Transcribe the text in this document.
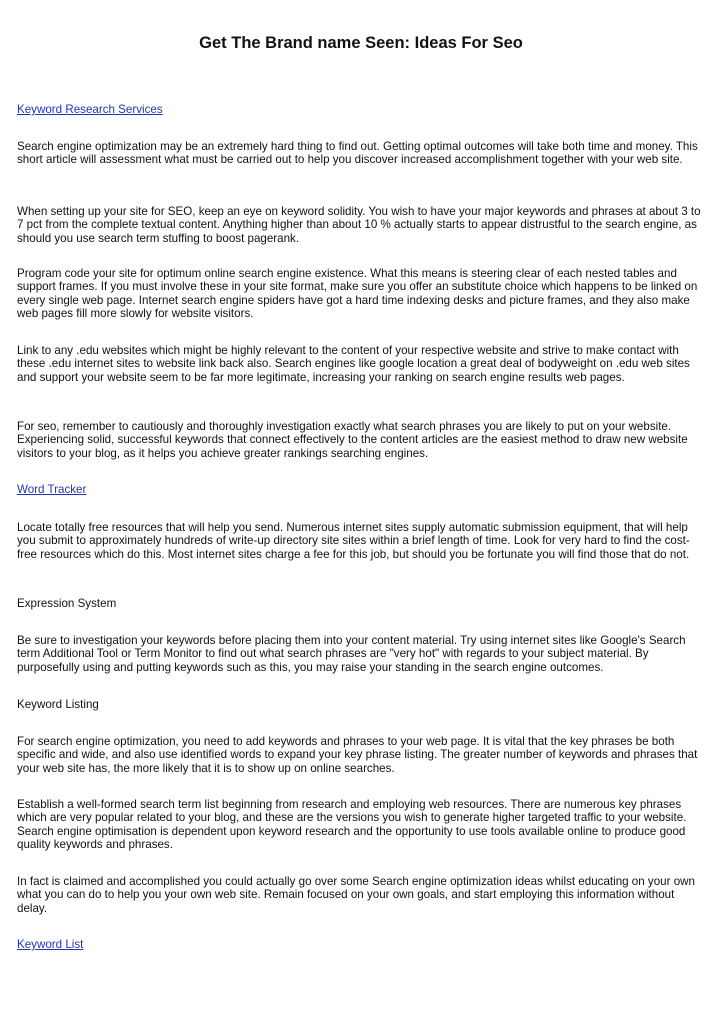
Get The Brand name Seen: Ideas For Seo
Keyword Research Services

Search engine optimization may be an extremely hard thing to find out. Getting optimal outcomes will take both time and money. This short article will assessment what must be carried out to help you discover increased accomplishment together with your web site.

When setting up your site for SEO, keep an eye on keyword solidity. You wish to have your major keywords and phrases at about 3 to 7 pct from the complete textual content. Anything higher than about 10 % actually starts to appear distrustful to the search engine, as should you use search term stuffing to boost pagerank.

Program code your site for optimum online search engine existence. What this means is steering clear of each nested tables and support frames. If you must involve these in your site format, make sure you offer an substitute choice which happens to be linked on every single web page. Internet search engine spiders have got a hard time indexing desks and picture frames, and they also make web pages fill more slowly for website visitors.

Link to any .edu websites which might be highly relevant to the content of your respective website and strive to make contact with these .edu internet sites to website link back also. Search engines like google location a great deal of bodyweight on .edu web sites and support your website seem to be far more legitimate, increasing your ranking on search engine results web pages.

For seo, remember to cautiously and thoroughly investigation exactly what search phrases you are likely to put on your website. Experiencing solid, successful keywords that connect effectively to the content articles are the easiest method to draw new website visitors to your blog, as it helps you achieve greater rankings searching engines.

Word Tracker

Locate totally free resources that will help you send. Numerous internet sites supply automatic submission equipment, that will help you submit to approximately hundreds of write-up directory site sites within a brief length of time. Look for very hard to find the cost-free resources which do this. Most internet sites charge a fee for this job, but should you be fortunate you will find those that do not.

Expression System

Be sure to investigation your keywords before placing them into your content material. Try using internet sites like Google's Search term Additional Tool or Term Monitor to find out what search phrases are "very hot" with regards to your subject material. By purposefully using and putting keywords such as this, you may raise your standing in the search engine outcomes.

Keyword Listing

For search engine optimization, you need to add keywords and phrases to your web page. It is vital that the key phrases be both specific and wide, and also use identified words to expand your key phrase listing. The greater number of keywords and phrases that your web site has, the more likely that it is to show up on online searches.

Establish a well-formed search term list beginning from research and employing web resources. There are numerous key phrases which are very popular related to your blog, and these are the versions you wish to generate higher targeted traffic to your website. Search engine optimisation is dependent upon keyword research and the opportunity to use tools available online to produce good quality keywords and phrases.

In fact is claimed and accomplished you could actually go over some Search engine optimization ideas whilst educating on your own what you can do to help you your own web site. Remain focused on your own goals, and start employing this information without delay.

Keyword List
